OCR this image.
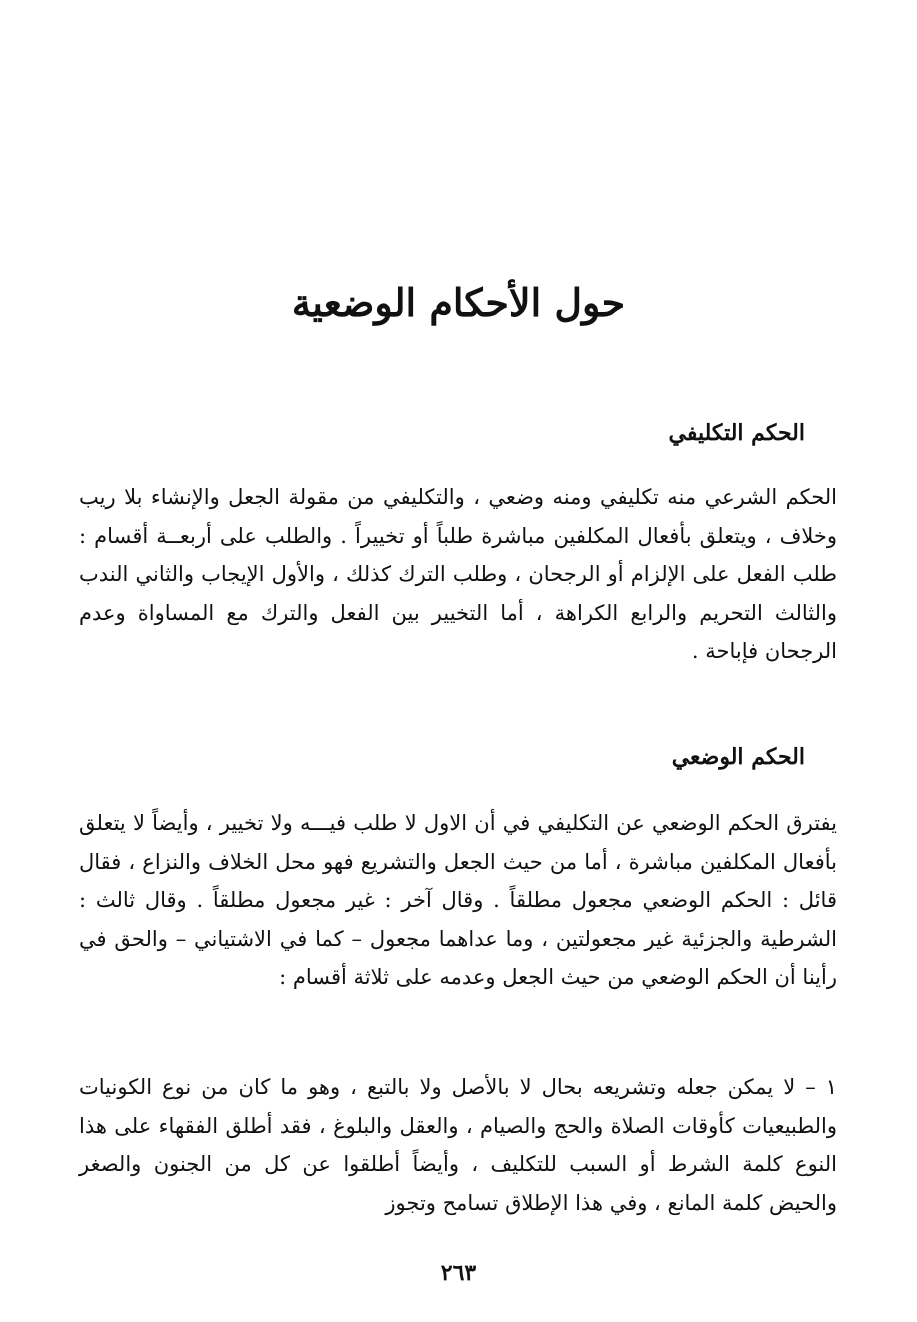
حول الأحكام الوضعية
الحكم التكليفي

الحكم الشرعي منه تكليفي ومنه وضعي ، والتكليفي من مقولة الجعل والإنشاء بلا ريب وخلاف ، ويتعلق بأفعال المكلفين مباشرة طلباً أو تخييراً . والطلب على أربعــة أقسام : طلب الفعل على الإلزام أو الرجحان ، وطلب الترك كذلك ، والأول الإيجاب والثاني الندب والثالث التحريم والرابع الكراهة ، أما التخيير بين الفعل والترك مع المساواة وعدم الرجحان فإباحة .

الحكم الوضعي

يفترق الحكم الوضعي عن التكليفي في أن الاول لا طلب فيـــه ولا تخيير ، وأيضاً لا يتعلق بأفعال المكلفين مباشرة ، أما من حيث الجعل والتشريع فهو محل الخلاف والنزاع ، فقال قائل : الحكم الوضعي مجعول مطلقاً . وقال آخر : غير مجعول مطلقاً . وقال ثالث : الشرطية والجزئية غير مجعولتين ، وما عداهما مجعول – كما في الاشتياني – والحق في رأينا أن الحكم الوضعي من حيث الجعل وعدمه على ثلاثة أقسام :

١ – لا يمكن جعله وتشريعه بحال لا بالأصل ولا بالتبع ، وهو ما كان من نوع الكونيات والطبيعيات كأوقات الصلاة والحج والصيام ، والعقل والبلوغ ، فقد أطلق الفقهاء على هذا النوع كلمة الشرط أو السبب للتكليف ، وأيضاً أطلقوا عن كل من الجنون والصغر والحيض كلمة المانع ، وفي هذا الإطلاق تسامح وتجوز

٢٦٣
